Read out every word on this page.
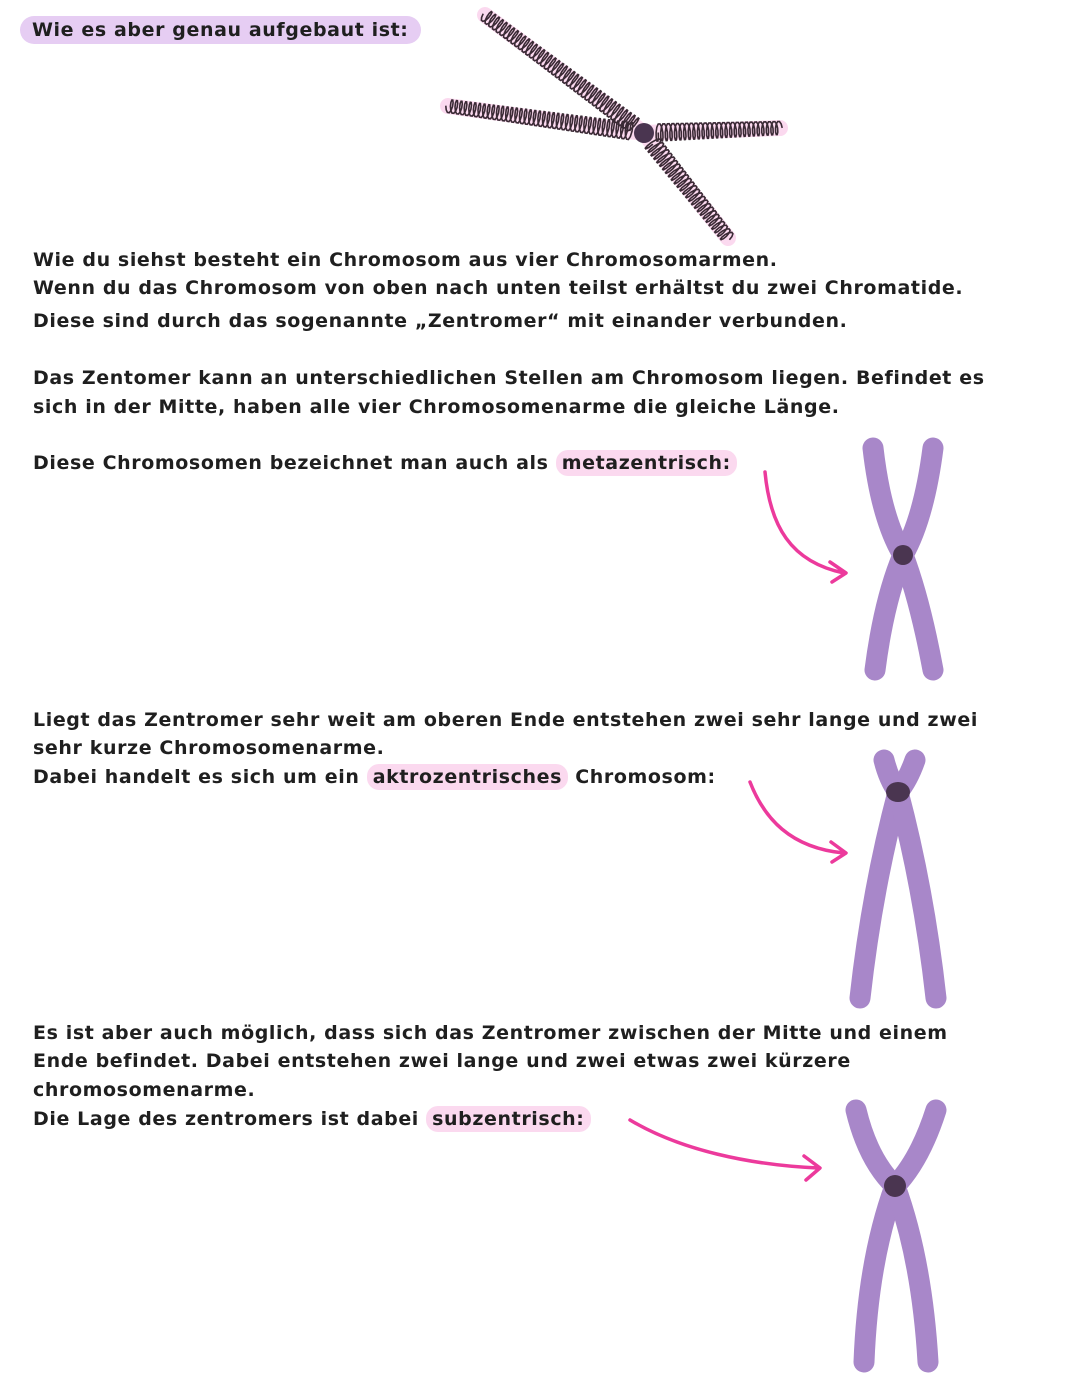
Wie es aber genau aufgebaut ist:

Wie du siehst besteht ein Chromosom aus vier Chromosomarmen.

Wenn du das Chromosom von oben nach unten teilst erhältst du zwei Chromatide.

Diese sind durch das sogenannte „Zentromer“ mit einander verbunden.

Das Zentomer kann an unterschiedlichen Stellen am Chromosom liegen. Befindet es

sich in der Mitte, haben alle vier Chromosomenarme die gleiche Länge.

Diese Chromosomen bezeichnet man auch als metazentrisch:

Liegt das Zentromer sehr weit am oberen Ende entstehen zwei sehr lange und zwei

sehr kurze Chromosomenarme.

Dabei handelt es sich um ein aktrozentrisches Chromosom:

Es ist aber auch möglich, dass sich das Zentromer zwischen der Mitte und einem

Ende befindet. Dabei entstehen zwei lange und zwei etwas zwei kürzere

chromosomenarme.

Die Lage des zentromers ist dabei subzentrisch:
